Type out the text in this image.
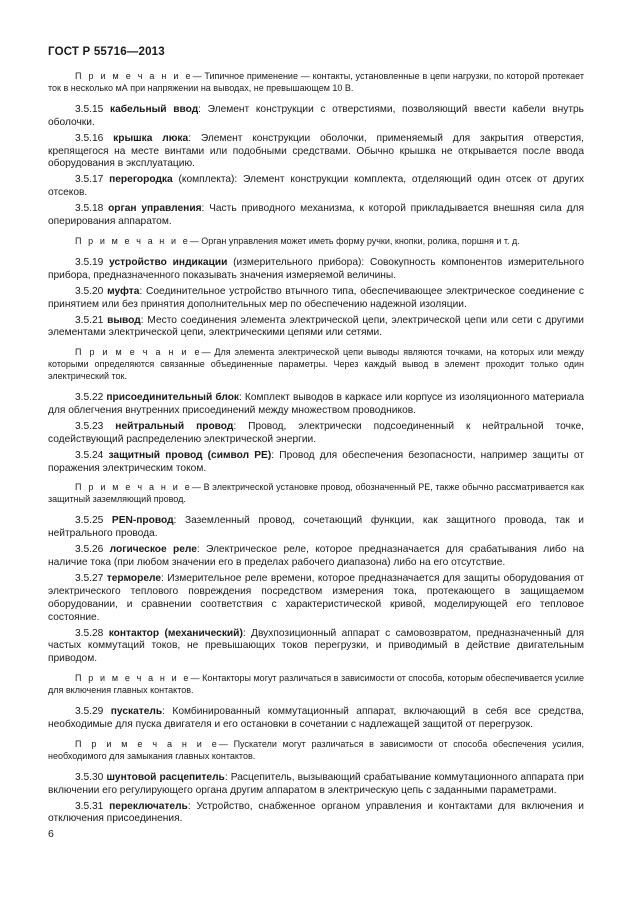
ГОСТ Р 55716—2013
П р и м е ч а н и е— Типичное применение — контакты, установленные в цепи нагрузки, по которой протекает ток в несколько мА при напряжении на выводах, не превышающем 10 В.
3.5.15 кабельный ввод: Элемент конструкции с отверстиями, позволяющий ввести кабели внутрь оболочки.
3.5.16 крышка люка: Элемент конструкции оболочки, применяемый для закрытия отверстия, крепящегося на месте винтами или подобными средствами. Обычно крышка не открывается после ввода оборудования в эксплуатацию.
3.5.17 перегородка (комплекта): Элемент конструкции комплекта, отделяющий один отсек от других отсеков.
3.5.18 орган управления: Часть приводного механизма, к которой прикладывается внешняя сила для оперирования аппаратом.
П р и м е ч а н и е— Орган управления может иметь форму ручки, кнопки, ролика, поршня и т. д.
3.5.19 устройство индикации (измерительного прибора): Совокупность компонентов измерительного прибора, предназначенного показывать значения измеряемой величины.
3.5.20 муфта: Соединительное устройство втычного типа, обеспечивающее электрическое соединение с принятием или без принятия дополнительных мер по обеспечению надежной изоляции.
3.5.21 вывод: Место соединения элемента электрической цепи, электрической цепи или сети с другими элементами электрической цепи, электрическими цепями или сетями.
П р и м е ч а н и е— Для элемента электрической цепи выводы являются точками, на которых или между которыми определяются связанные объединенные параметры. Через каждый вывод в элемент проходит только один электрический ток.
3.5.22 присоединительный блок: Комплект выводов в каркасе или корпусе из изоляционного материала для облегчения внутренних присоединений между множеством проводников.
3.5.23 нейтральный провод: Провод, электрически подсоединенный к нейтральной точке, содействующий распределению электрической энергии.
3.5.24 защитный провод (символ РЕ): Провод для обеспечения безопасности, например защиты от поражения электрическим током.
П р и м е ч а н и е— В электрической установке провод, обозначенный РЕ, также обычно рассматривается как защитный заземляющий провод.
3.5.25 PEN-провод: Заземленный провод, сочетающий функции, как защитного провода, так и нейтрального провода.
3.5.26 логическое реле: Электрическое реле, которое предназначается для срабатывания либо на наличие тока (при любом значении его в пределах рабочего диапазона) либо на его отсутствие.
3.5.27 термореле: Измерительное реле времени, которое предназначается для защиты оборудования от электрического теплового повреждения посредством измерения тока, протекающего в защищаемом оборудовании, и сравнении соответствия с характеристической кривой, моделирующей его тепловое состояние.
3.5.28 контактор (механический): Двухпозиционный аппарат с самовозвратом, предназначенный для частых коммутаций токов, не превышающих токов перегрузки, и приводимый в действие двигательным приводом.
П р и м е ч а н и е— Контакторы могут различаться в зависимости от способа, которым обеспечивается усилие для включения главных контактов.
3.5.29 пускатель: Комбинированный коммутационный аппарат, включающий в себя все средства, необходимые для пуска двигателя и его остановки в сочетании с надлежащей защитой от перегрузок.
П р и м е ч а н и е— Пускатели могут различаться в зависимости от способа обеспечения усилия, необходимого для замыкания главных контактов.
3.5.30 шунтовой расцепитель: Расцепитель, вызывающий срабатывание коммутационного аппарата при включении его регулирующего органа другим аппаратом в электрическую цепь с заданными параметрами.
3.5.31 переключатель: Устройство, снабженное органом управления и контактами для включения и отключения присоединения.
6
